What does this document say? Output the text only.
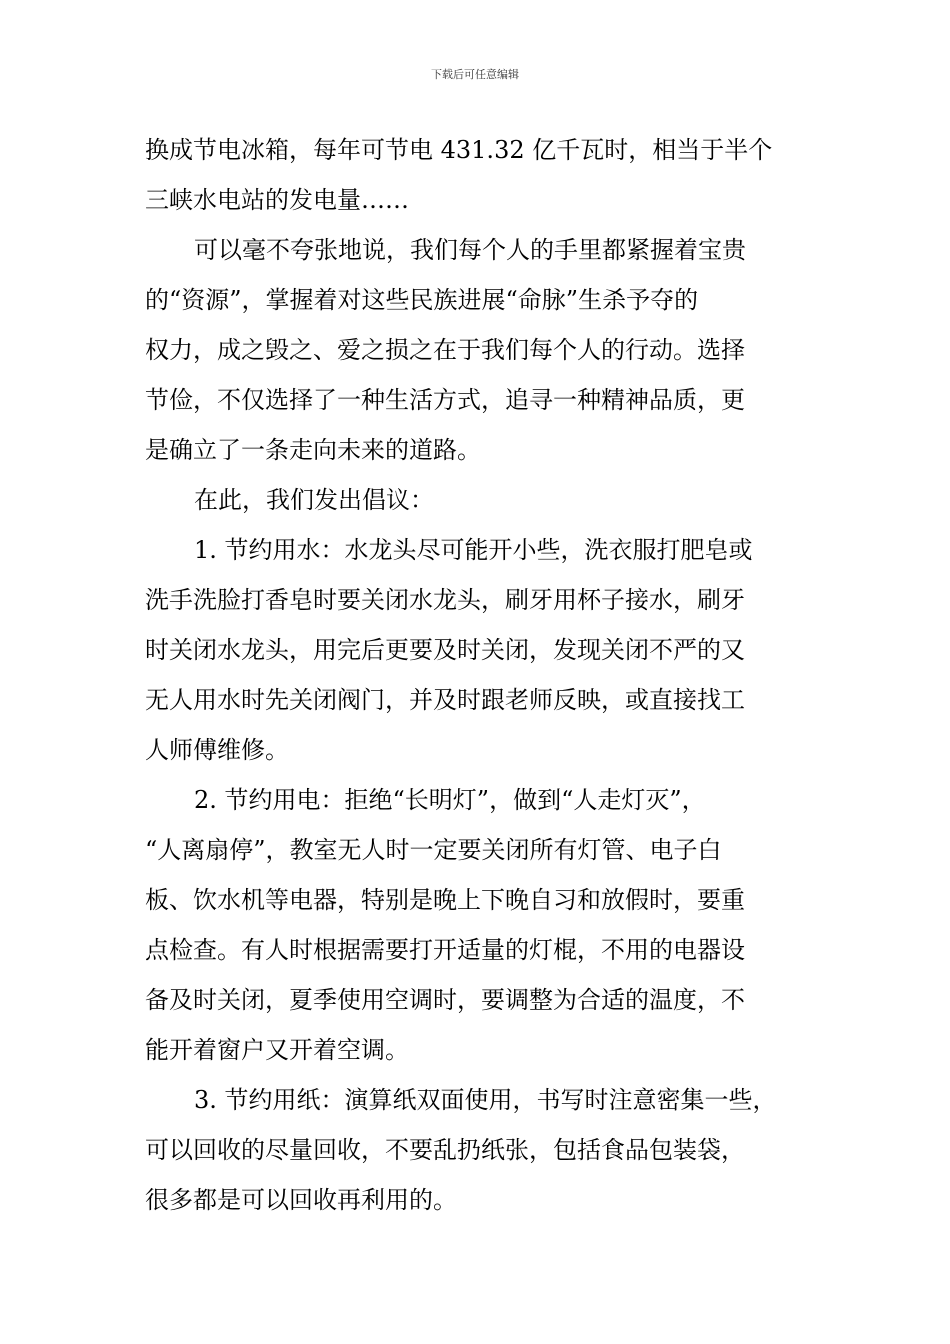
下载后可任意编辑
换成节电冰箱，每年可节电 431.32 亿千瓦时，相当于半个
三峡水电站的发电量……
可以毫不夸张地说，我们每个人的手里都紧握着宝贵
的“资源”，掌握着对这些民族进展“命脉”生杀予夺的
权力，成之毁之、爱之损之在于我们每个人的行动。选择
节俭，不仅选择了一种生活方式，追寻一种精神品质，更
是确立了一条走向未来的道路。
在此，我们发出倡议：
1. 节约用水：水龙头尽可能开小些，洗衣服打肥皂或
洗手洗脸打香皂时要关闭水龙头，刷牙用杯子接水，刷牙
时关闭水龙头，用完后更要及时关闭，发现关闭不严的又
无人用水时先关闭阀门，并及时跟老师反映，或直接找工
人师傅维修。
2. 节约用电：拒绝“长明灯”，做到“人走灯灭”，
“人离扇停”，教室无人时一定要关闭所有灯管、电子白
板、饮水机等电器，特别是晚上下晚自习和放假时，要重
点检查。有人时根据需要打开适量的灯棍，不用的电器设
备及时关闭，夏季使用空调时，要调整为合适的温度，不
能开着窗户又开着空调。
3. 节约用纸：演算纸双面使用，书写时注意密集一些，
可以回收的尽量回收，不要乱扔纸张，包括食品包装袋，
很多都是可以回收再利用的。
